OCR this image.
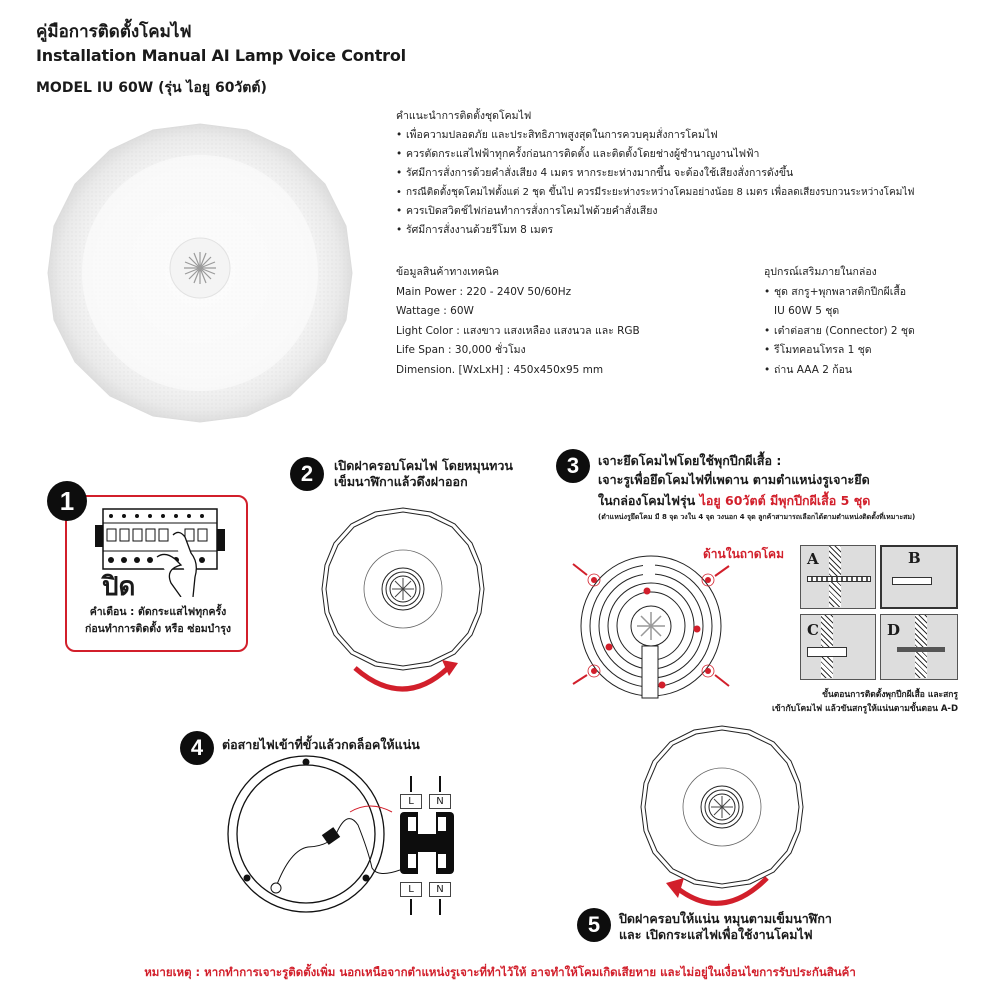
คู่มือการติดตั้งโคมไฟ
Installation Manual AI Lamp Voice Control
MODEL IU 60W (รุ่น ไอยู 60วัตต์)
คำแนะนำการติดตั้งชุดโคมไฟ
• เพื่อความปลอดภัย และประสิทธิภาพสูงสุดในการควบคุมสั่งการโคมไฟ
• ควรตัดกระแสไฟฟ้าทุกครั้งก่อนการติดตั้ง และติดตั้งโดยช่างผู้ชำนาญงานไฟฟ้า
• รัศมีการสั่งการด้วยคำสั่งเสียง 4 เมตร หากระยะห่างมากขึ้น จะต้องใช้เสียงสั่งการดังขึ้น
• กรณีติดตั้งชุดโคมไฟตั้งแต่ 2 ชุด ขึ้นไป ควรมีระยะห่างระหว่างโคมอย่างน้อย 8 เมตร เพื่อลดเสียงรบกวนระหว่างโคมไฟ
• ควรเปิดสวิตช์ไฟก่อนทำการสั่งการโคมไฟด้วยคำสั่งเสียง
• รัศมีการสั่งงานด้วยรีโมท 8 เมตร
ข้อมูลสินค้าทางเทคนิค
Main Power : 220 - 240V 50/60Hz
Wattage : 60W
Light Color : แสงขาว แสงเหลือง แสงนวล และ RGB
Life Span : 30,000 ชั่วโมง
Dimension. [WxLxH] : 450x450x95 mm
อุปกรณ์เสริมภายในกล่อง
• ชุด สกรู+พุกพลาสติกปีกผีเสื้อ
IU 60W 5 ชุด
• เต๋าต่อสาย (Connector) 2 ชุด
• รีโมทคอนโทรล 1 ชุด
• ถ่าน AAA 2 ก้อน
1
ปิด
คำเตือน : ตัดกระแสไฟทุกครั้ง
ก่อนทำการติดตั้ง หรือ ซ่อมบำรุง
2	เปิดฝาครอบโคมไฟ โดยหมุนทวน
เข็มนาฬิกาแล้วดึงฝาออก
3	เจาะยึดโคมไฟโดยใช้พุกปีกผีเสื้อ :
เจาะรูเพื่อยึดโคมไฟที่เพดาน ตามตำแหน่งรูเจาะยึด
ในกล่องโคมไฟรุ่น ไอยู 60วัตต์ มีพุกปีกผีเสื้อ 5 ชุด
(ตำแหน่งรูยึดโคม มี 8 จุด วงใน 4 จุด วงนอก 4 จุด ลูกค้าสามารถเลือกได้ตามตำแหน่งติดตั้งที่เหมาะสม)
ด้านในถาดโคม A	B
C	D
ขั้นตอนการติดตั้งพุกปีกผีเสื้อ และสกรู
เข้ากับโคมไฟ แล้วขันสกรูให้แน่นตามขั้นตอน A-D
4	ต่อสายไฟเข้าที่ขั้วแล้วกดล็อคให้แน่น
L	N
L	N
5	ปิดฝาครอบให้แน่น หมุนตามเข็มนาฬิกา
และ เปิดกระแสไฟเพื่อใช้งานโคมไฟ
หมายเหตุ : หากทำการเจาะรูติดตั้งเพิ่ม นอกเหนือจากตำแหน่งรูเจาะที่ทำไว้ให้ อาจทำให้โคมเกิดเสียหาย และไม่อยู่ในเงื่อนไขการรับประกันสินค้า
